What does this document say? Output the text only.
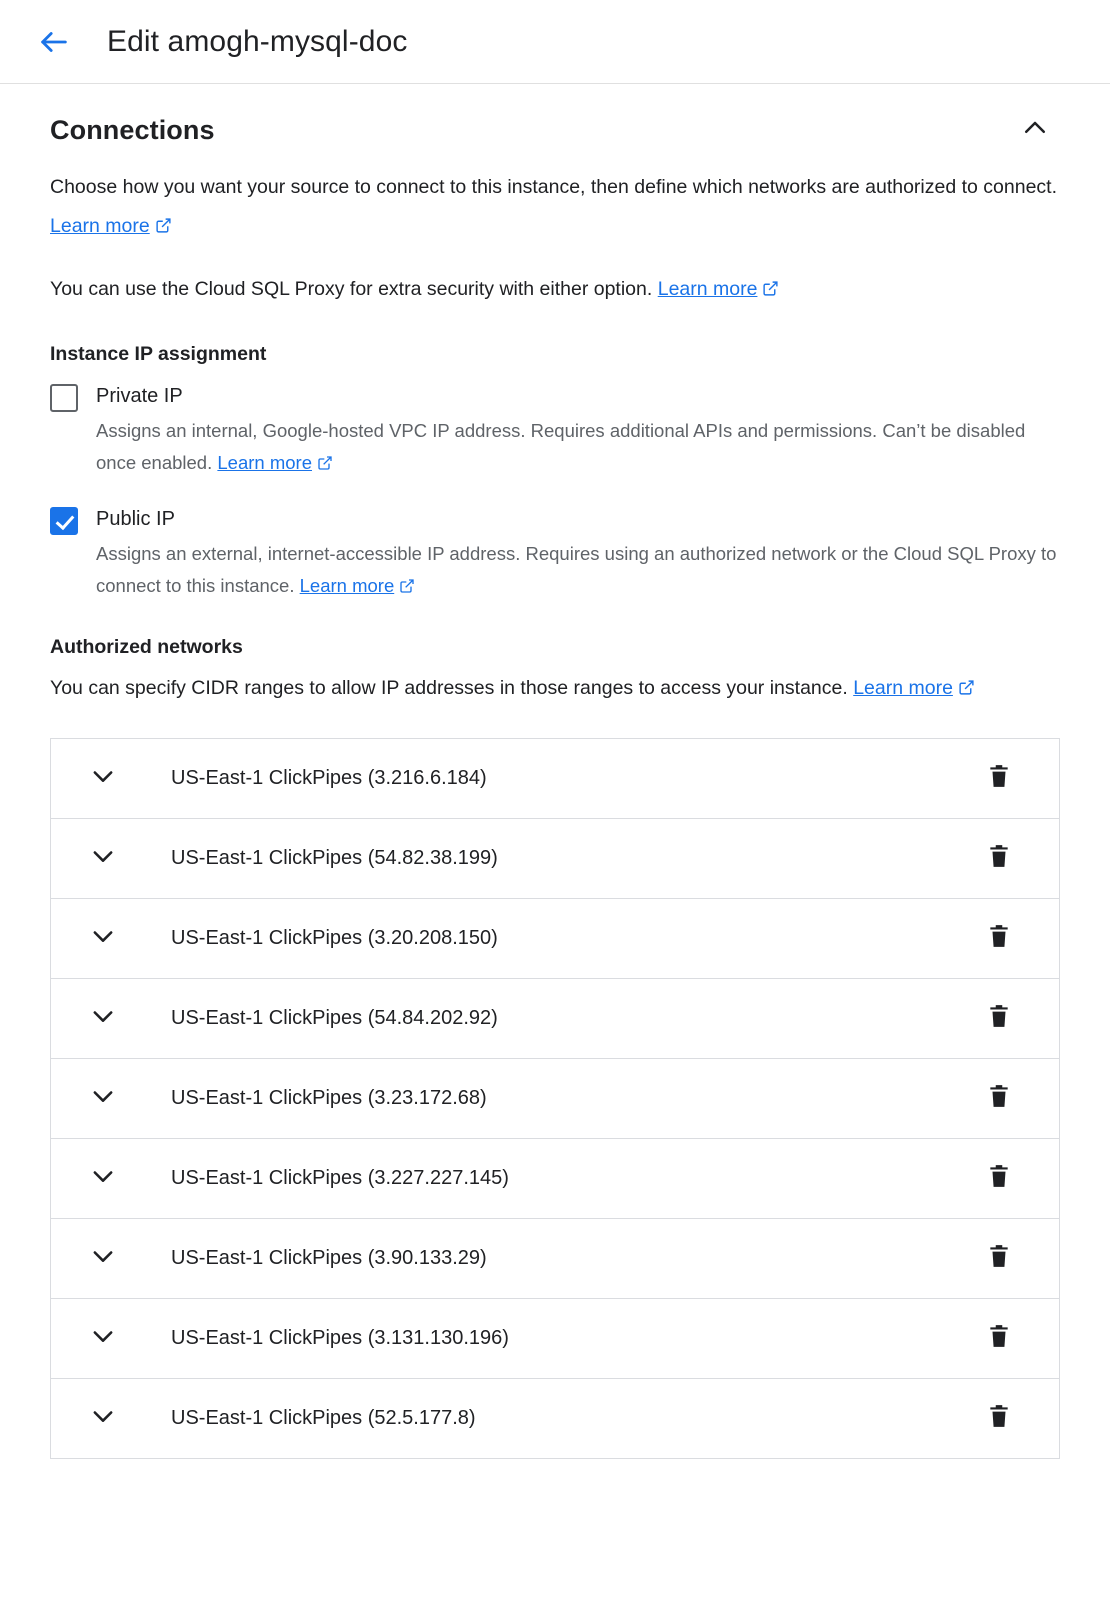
Edit amogh-mysql-doc
Connections
Choose how you want your source to connect to this instance, then define which networks are authorized to connect. Learn more
You can use the Cloud SQL Proxy for extra security with either option. Learn more
Instance IP assignment
Private IP
Assigns an internal, Google-hosted VPC IP address. Requires additional APIs and permissions. Can’t be disabled once enabled. Learn more
Public IP
Assigns an external, internet-accessible IP address. Requires using an authorized network or the Cloud SQL Proxy to connect to this instance. Learn more
Authorized networks
You can specify CIDR ranges to allow IP addresses in those ranges to access your instance. Learn more
US-East-1 ClickPipes (3.216.6.184)
US-East-1 ClickPipes (54.82.38.199)
US-East-1 ClickPipes (3.20.208.150)
US-East-1 ClickPipes (54.84.202.92)
US-East-1 ClickPipes (3.23.172.68)
US-East-1 ClickPipes (3.227.227.145)
US-East-1 ClickPipes (3.90.133.29)
US-East-1 ClickPipes (3.131.130.196)
US-East-1 ClickPipes (52.5.177.8)
